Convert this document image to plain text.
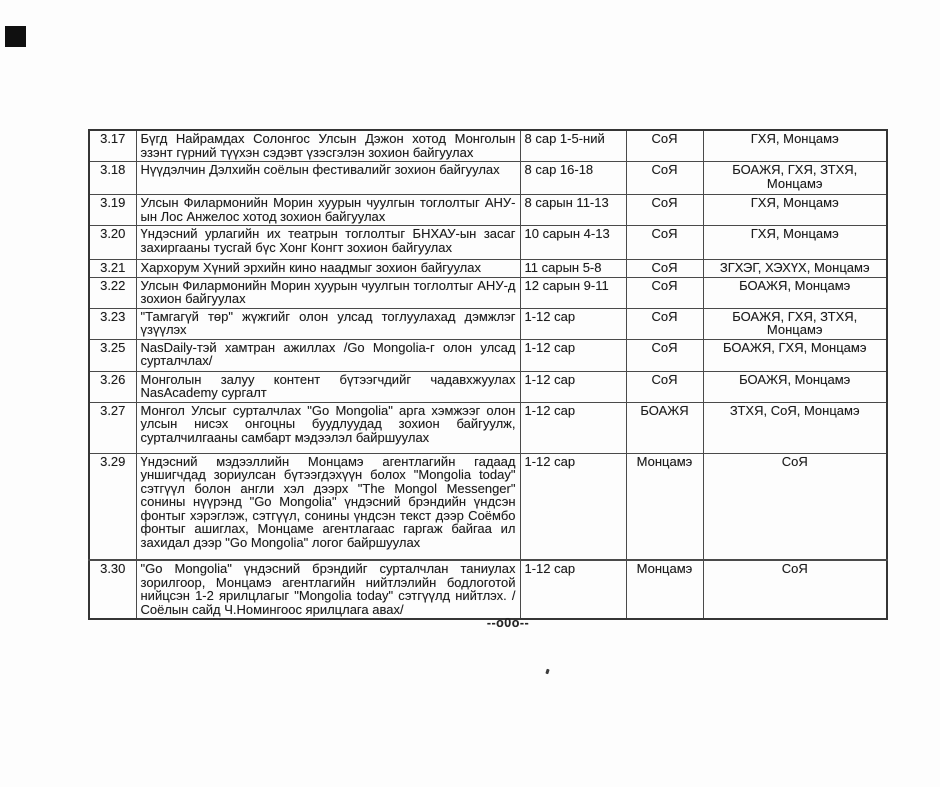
3.17	Бүгд Найрамдах Солонгос Улсын Дэжон хотод Монголын эзэнт гүрний түүхэн сэдэвт үзэсгэлэн зохион байгуулах	8 сар 1-5-ний	СоЯ	ГХЯ, Монцамэ
3.18	Нүүдэлчин Дэлхийн соёлын фестивалийг зохион байгуулах	8 сар 16-18	СоЯ	БОАЖЯ, ГХЯ, ЗТХЯ, Монцамэ
3.19	Улсын Филармонийн Морин хуурын чуулгын тоглолтыг АНУ-ын Лос Анжелос хотод зохион байгуулах	8 сарын 11-13	СоЯ	ГХЯ, Монцамэ
3.20	Үндэсний урлагийн их театрын тоглолтыг БНХАУ-ын засаг захиргааны тусгай бүс Хонг Конгт зохион байгуулах	10 сарын 4-13	СоЯ	ГХЯ, Монцамэ
3.21	Хархорум Хүний эрхийн кино наадмыг зохион байгуулах	11 сарын 5-8	СоЯ	ЗГХЭГ, ХЭХҮХ, Монцамэ
3.22	Улсын Филармонийн Морин хуурын чуулгын тоглолтыг АНУ-д зохион байгуулах	12 сарын 9-11	СоЯ	БОАЖЯ, Монцамэ
3.23	"Тамгагүй төр" жүжгийг олон улсад тоглуулахад дэмжлэг үзүүлэх	1-12 сар	СоЯ	БОАЖЯ, ГХЯ, ЗТХЯ, Монцамэ
3.25	NasDaily-тэй хамтран ажиллах /Go Mongolia-г олон улсад сурталчлах/	1-12 сар	СоЯ	БОАЖЯ, ГХЯ, Монцамэ
3.26	Монголын залуу контент бүтээгчдийг чадавхжуулах NasAcademy сургалт	1-12 сар	СоЯ	БОАЖЯ, Монцамэ
3.27	Монгол Улсыг сурталчлах "Go Mongolia" арга хэмжээг олон улсын нисэх онгоцны буудлуудад зохион байгуулж, сурталчилгааны самбарт мэдээлэл байршуулах	1-12 сар	БОАЖЯ	ЗТХЯ, СоЯ, Монцамэ
3.29	Үндэсний мэдээллийн Монцамэ агентлагийн гадаад уншигчдад зориулсан бүтээгдэхүүн болох "Mongolia today" сэтгүүл болон англи хэл дээрх "The Mongol Messenger" сонины нүүрэнд "Go Mongolia" үндэсний брэндийн үндсэн фонтыг хэрэглэж, сэтгүүл, сонины үндсэн текст дээр Соёмбо фонтыг ашиглах, Монцаме агентлагаас гаргаж байгаа ил захидал дээр "Go Mongolia" логог байршуулах	1-12 сар	Монцамэ	СоЯ
3.30	"Go Mongolia" үндэсний брэндийг сурталчлан таниулах зорилгоор, Монцамэ агентлагийн нийтлэлийн бодлоготой нийцсэн 1-2 ярилцлагыг "Mongolia today" сэтгүүлд нийтлэх. /Соёлын сайд Ч.Номингоос ярилцлага авах/	1-12 сар	Монцамэ	СоЯ
--o0o--
